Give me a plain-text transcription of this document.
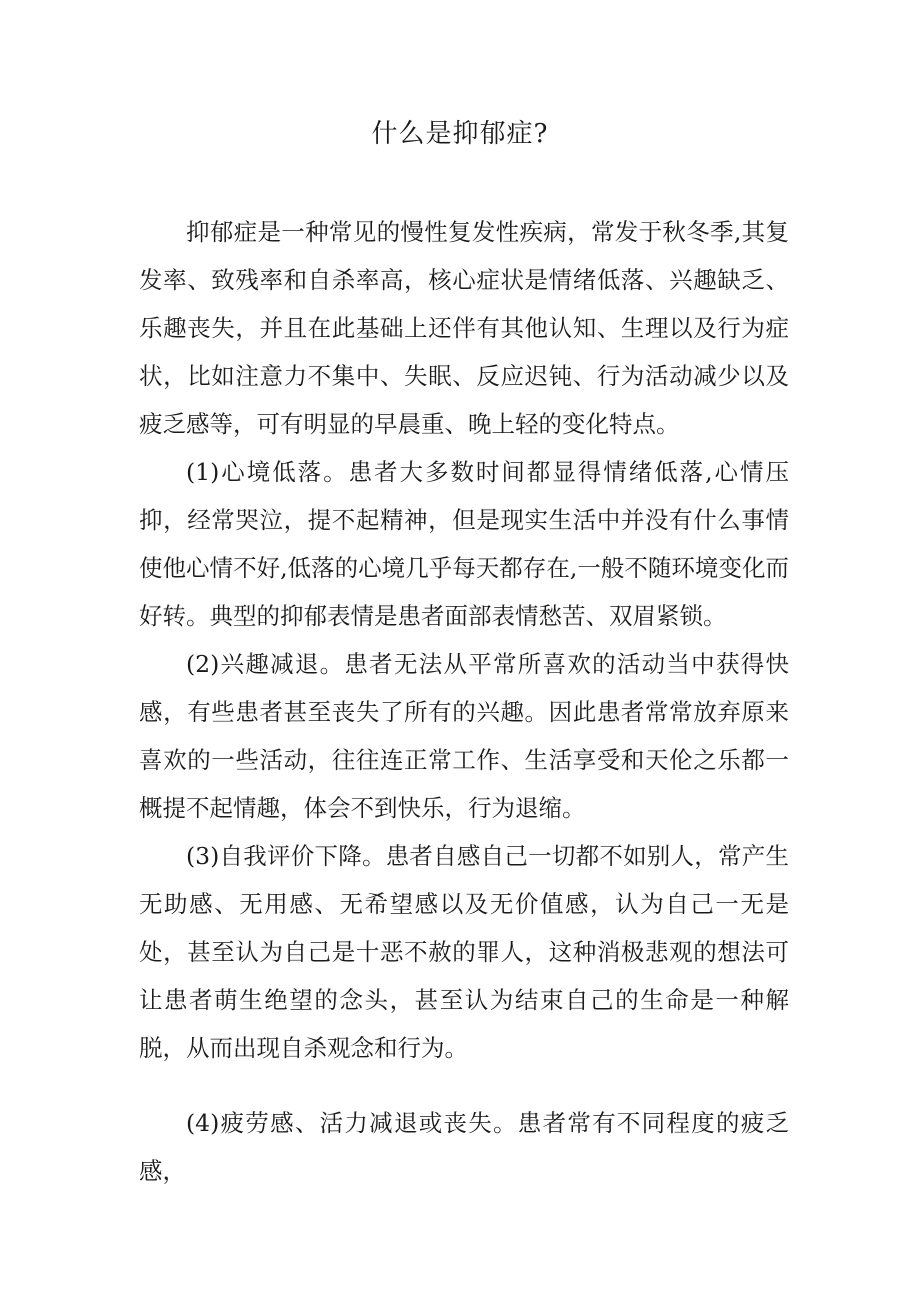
什么是抑郁症?

抑郁症是一种常见的慢性复发性疾病，常发于秋冬季,其复发率、致残率和自杀率高，核心症状是情绪低落、兴趣缺乏、乐趣丧失，并且在此基础上还伴有其他认知、生理以及行为症状，比如注意力不集中、失眠、反应迟钝、行为活动减少以及疲乏感等，可有明显的早晨重、晚上轻的变化特点。

(1)心境低落。患者大多数时间都显得情绪低落,心情压抑，经常哭泣，提不起精神，但是现实生活中并没有什么事情使他心情不好,低落的心境几乎每天都存在,一般不随环境变化而好转。典型的抑郁表情是患者面部表情愁苦、双眉紧锁。

(2)兴趣减退。患者无法从平常所喜欢的活动当中获得快感，有些患者甚至丧失了所有的兴趣。因此患者常常放弃原来喜欢的一些活动，往往连正常工作、生活享受和天伦之乐都一概提不起情趣，体会不到快乐，行为退缩。

(3)自我评价下降。患者自感自己一切都不如别人，常产生无助感、无用感、无希望感以及无价值感，认为自己一无是处，甚至认为自己是十恶不赦的罪人，这种消极悲观的想法可让患者萌生绝望的念头，甚至认为结束自己的生命是一种解脱，从而出现自杀观念和行为。

(4)疲劳感、活力减退或丧失。患者常有不同程度的疲乏感，
